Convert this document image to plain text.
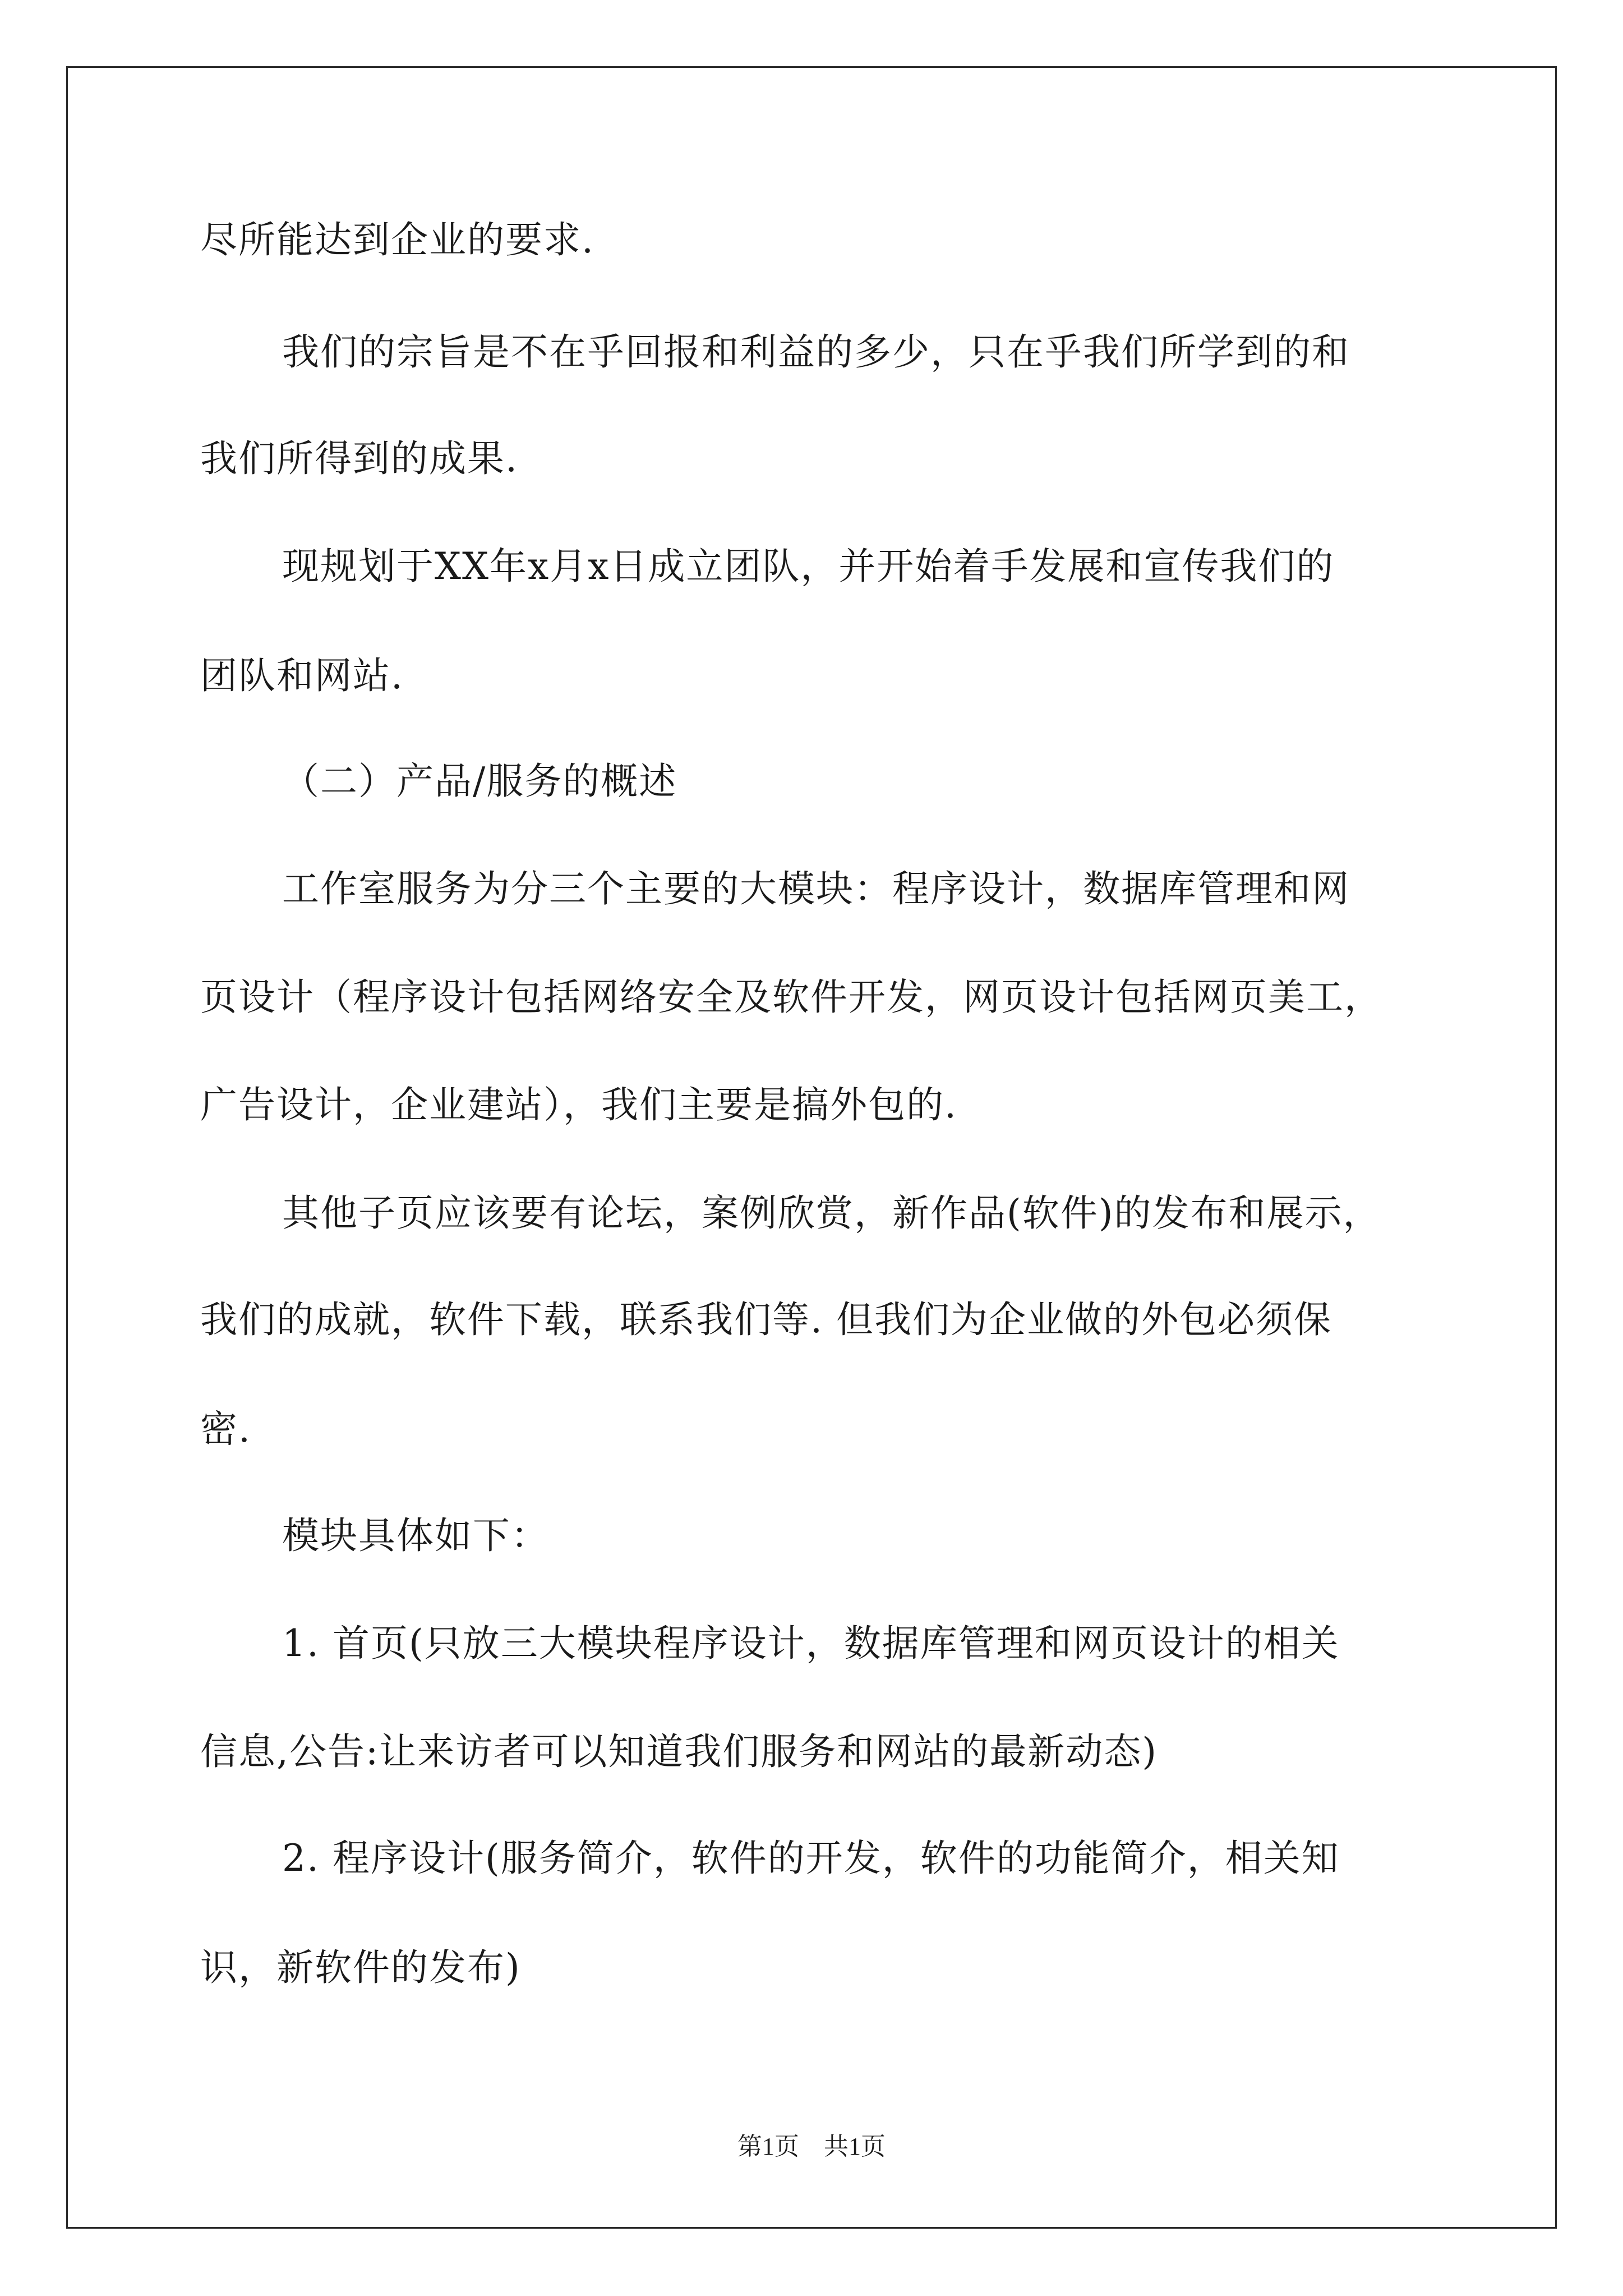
尽所能达到企业的要求.
我们的宗旨是不在乎回报和利益的多少，只在乎我们所学到的和
我们所得到的成果.
现规划于XX年x月x日成立团队，并开始着手发展和宣传我们的
团队和网站.
（二）产品/服务的概述
工作室服务为分三个主要的大模块：程序设计，数据库管理和网
页设计（程序设计包括网络安全及软件开发，网页设计包括网页美工，
广告设计，企业建站），我们主要是搞外包的.
其他子页应该要有论坛，案例欣赏，新作品(软件)的发布和展示，
我们的成就，软件下载，联系我们等. 但我们为企业做的外包必须保
密.
模块具体如下：
1. 首页(只放三大模块程序设计，数据库管理和网页设计的相关
信息,公告:让来访者可以知道我们服务和网站的最新动态)
2. 程序设计(服务简介，软件的开发，软件的功能简介，相关知
识，新软件的发布)
第1页　共1页
